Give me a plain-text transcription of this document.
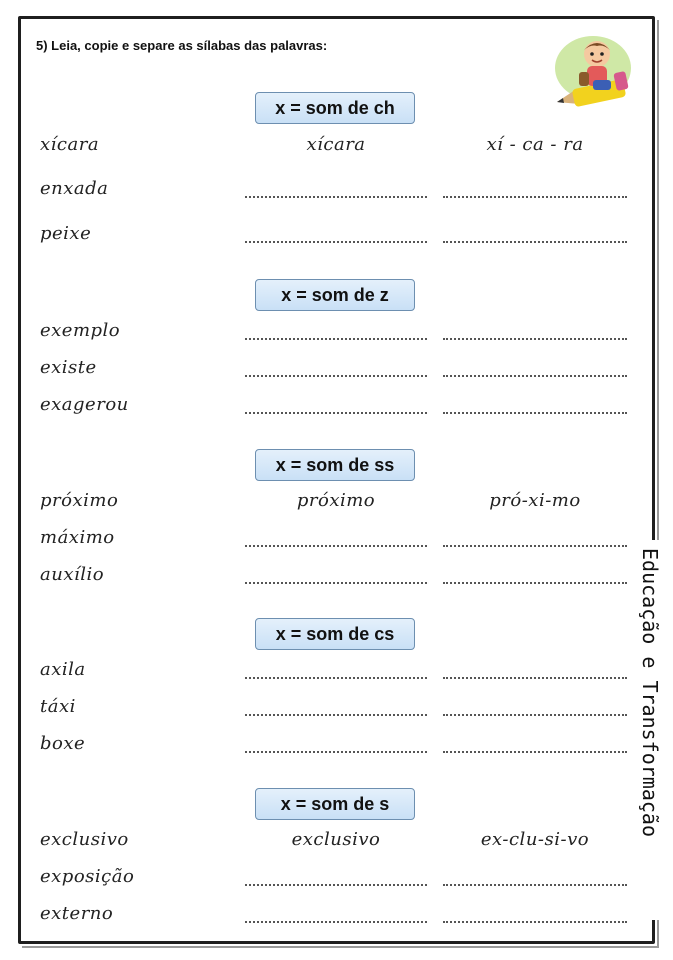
5) Leia, copie e separe as sílabas das palavras:
x = som de ch
xícara	xícara	xí - ca - ra
enxada
peixe
x = som de z
exemplo
existe
exagerou
x = som de ss
próximo	próximo	pró-xi-mo
máximo
auxílio
x = som de cs
axila
táxi
boxe
x = som de s
exclusivo	exclusivo	ex-clu-si-vo
exposição
externo
Educação e Transformação
